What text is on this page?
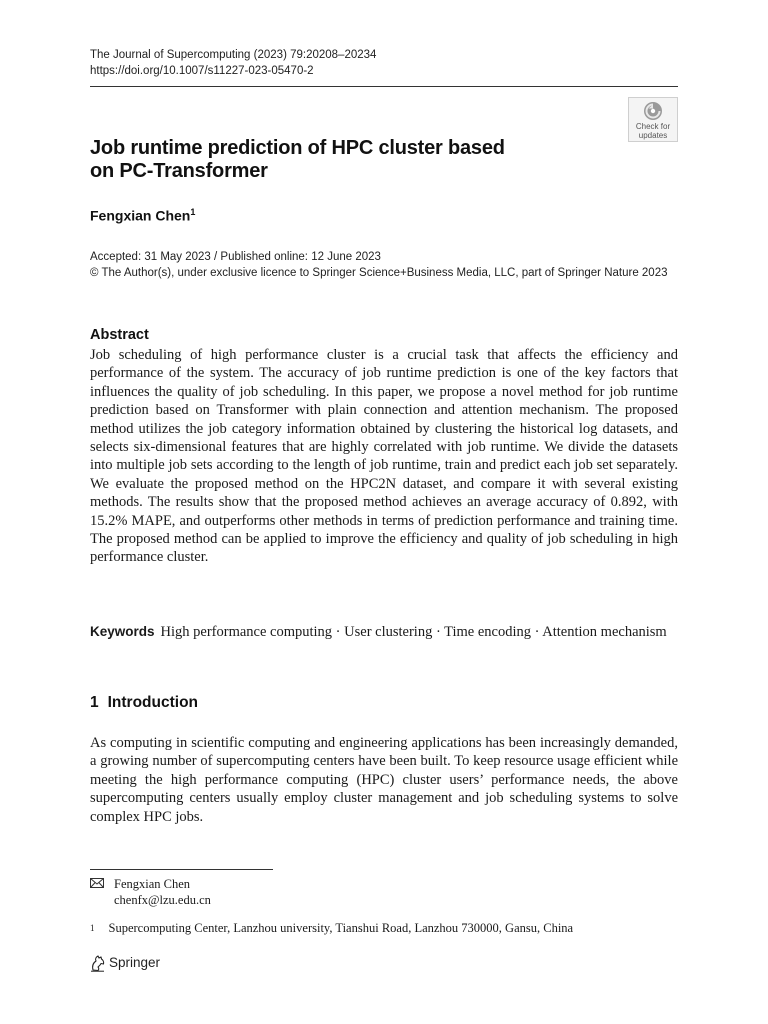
The Journal of Supercomputing (2023) 79:20208–20234
https://doi.org/10.1007/s11227-023-05470-2
Check for
updates
Job runtime prediction of HPC cluster based
on PC-Transformer
Fengxian Chen$^1$
Accepted: 31 May 2023 / Published online: 12 June 2023
© The Author(s), under exclusive licence to Springer Science+Business Media, LLC, part of Springer Nature 2023
Abstract
Job scheduling of high performance cluster is a crucial task that affects the efficiency and performance of the system. The accuracy of job runtime prediction is one of the key factors that influences the quality of job scheduling. In this paper, we propose a novel method for job runtime prediction based on Transformer with plain connection and attention mechanism. The proposed method utilizes the job category information obtained by clustering the historical log datasets, and selects six-dimensional features that are highly correlated with job runtime. We divide the datasets into multiple job sets according to the length of job runtime, train and predict each job set separately. We evaluate the proposed method on the HPC2N dataset, and compare it with several existing methods. The results show that the proposed method achieves an average accuracy of 0.892, with 15.2% MAPE, and outperforms other methods in terms of prediction performance and training time. The proposed method can be applied to improve the efficiency and quality of job scheduling in high performance cluster.
Keywords High performance computing · User clustering · Time encoding · Attention mechanism
1 Introduction
As computing in scientific computing and engineering applications has been increasingly demanded, a growing number of supercomputing centers have been built. To keep resource usage efficient while meeting the high performance computing (HPC) cluster users’ performance needs, the above supercomputing centers usually employ cluster management and job scheduling systems to solve complex HPC jobs.
Fengxian Chen
chenfx@lzu.edu.cn
$^1$ Supercomputing Center, Lanzhou university, Tianshui Road, Lanzhou 730000, Gansu, China
Springer
